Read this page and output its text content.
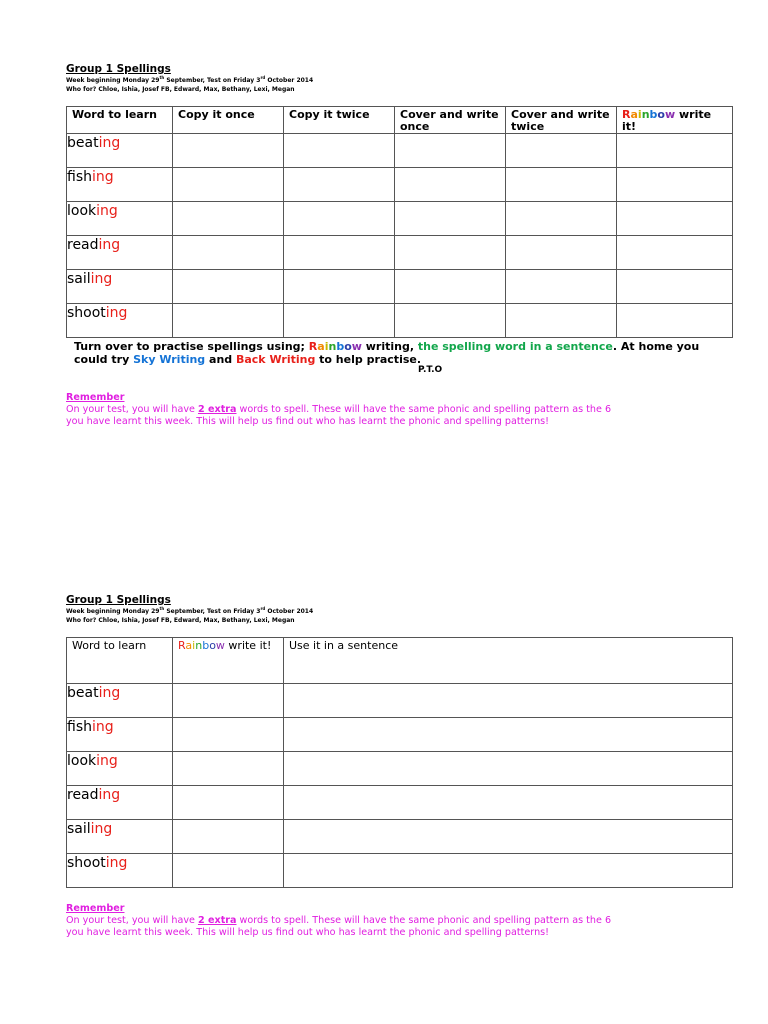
Group 1 Spellings

Week beginning Monday 29th September, Test on Friday 3rd October 2014

Who for? Chloe, Ishia, Josef FB, Edward, Max, Bethany, Lexi, Megan

Word to learn	Copy it once	Copy it twice	Cover and write once	Cover and write twice	Rainbow write it!
beating					
fishing					
looking					
reading					
sailing					
shooting					
Turn over to practise spellings using; Rainbow writing, the spelling word in a sentence. At home you could try Sky Writing and Back Writing to help practise.
P.T.O

Remember

On your test, you will have 2 extra words to spell. These will have the same phonic and spelling pattern as the 6

you have learnt this week. This will help us find out who has learnt the phonic and spelling patterns!

Group 1 Spellings

Week beginning Monday 29th September, Test on Friday 3rd October 2014

Who for? Chloe, Ishia, Josef FB, Edward, Max, Bethany, Lexi, Megan

Word to learn	Rainbow write it!	Use it in a sentence
beating		
fishing		
looking		
reading		
sailing		
shooting		

Remember

On your test, you will have 2 extra words to spell. These will have the same phonic and spelling pattern as the 6

you have learnt this week. This will help us find out who has learnt the phonic and spelling patterns!
